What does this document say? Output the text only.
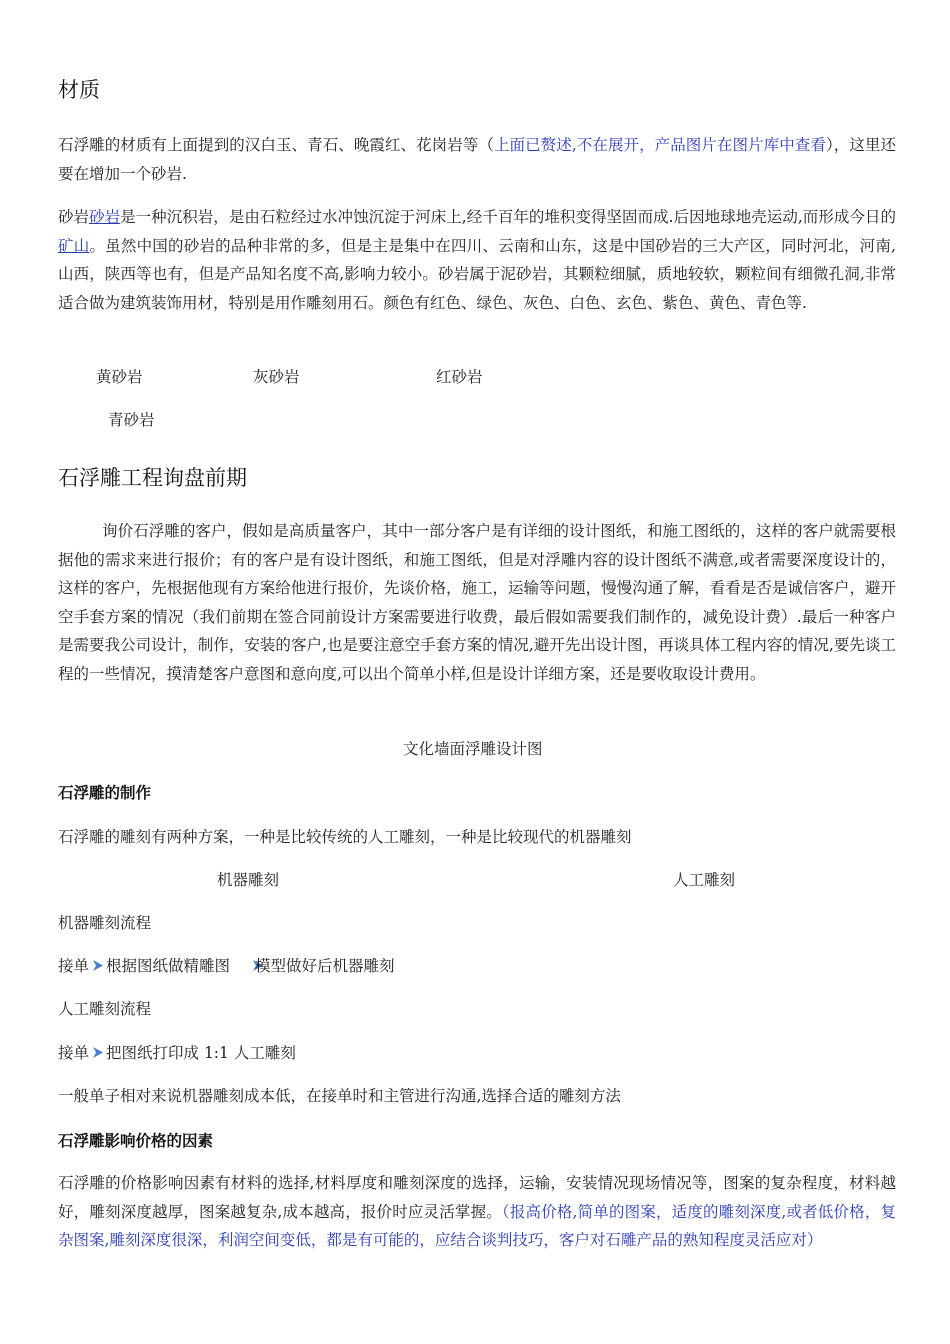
材质

石浮雕的材质有上面提到的汉白玉、青石、晚霞红、花岗岩等（上面已赘述,不在展开，产品图片在图片库中查看），这里还要在增加一个砂岩.

砂岩砂岩是一种沉积岩，是由石粒经过水冲蚀沉淀于河床上,经千百年的堆积变得坚固而成.后因地球地壳运动,而形成今日的矿山。虽然中国的砂岩的品种非常的多，但是主是集中在四川、云南和山东，这是中国砂岩的三大产区，同时河北，河南,山西，陕西等也有，但是产品知名度不高,影响力较小。砂岩属于泥砂岩，其颗粒细腻，质地较软，颗粒间有细微孔洞,非常适合做为建筑装饰用材，特别是用作雕刻用石。颜色有红色、绿色、灰色、白色、玄色、紫色、黄色、青色等.

黄砂岩	灰砂岩	红砂岩
青砂岩
石浮雕工程询盘前期

询价石浮雕的客户，假如是高质量客户，其中一部分客户是有详细的设计图纸，和施工图纸的，这样的客户就需要根据他的需求来进行报价；有的客户是有设计图纸，和施工图纸，但是对浮雕内容的设计图纸不满意,或者需要深度设计的，这样的客户，先根据他现有方案给他进行报价，先谈价格，施工，运输等问题，慢慢沟通了解，看看是否是诚信客户，避开空手套方案的情况（我们前期在签合同前设计方案需要进行收费，最后假如需要我们制作的，减免设计费）.最后一种客户是需要我公司设计，制作，安装的客户,也是要注意空手套方案的情况,避开先出设计图，再谈具体工程内容的情况,要先谈工程的一些情况，摸清楚客户意图和意向度,可以出个简单小样,但是设计详细方案，还是要收取设计费用。

文化墙面浮雕设计图
石浮雕的制作
石浮雕的雕刻有两种方案，一种是比较传统的人工雕刻，一种是比较现代的机器雕刻
机器雕刻	人工雕刻
机器雕刻流程
接单 根据图纸做精雕图 模型做好后机器雕刻
人工雕刻流程
接单 把图纸打印成 1:1 人工雕刻
一般单子相对来说机器雕刻成本低，在接单时和主管进行沟通,选择合适的雕刻方法
石浮雕影响价格的因素

石浮雕的价格影响因素有材料的选择,材料厚度和雕刻深度的选择，运输，安装情况现场情况等，图案的复杂程度，材料越好，雕刻深度越厚，图案越复杂,成本越高，报价时应灵活掌握。（报高价格,简单的图案，适度的雕刻深度,或者低价格，复杂图案,雕刻深度很深，利润空间变低，都是有可能的，应结合谈判技巧，客户对石雕产品的熟知程度灵活应对）
